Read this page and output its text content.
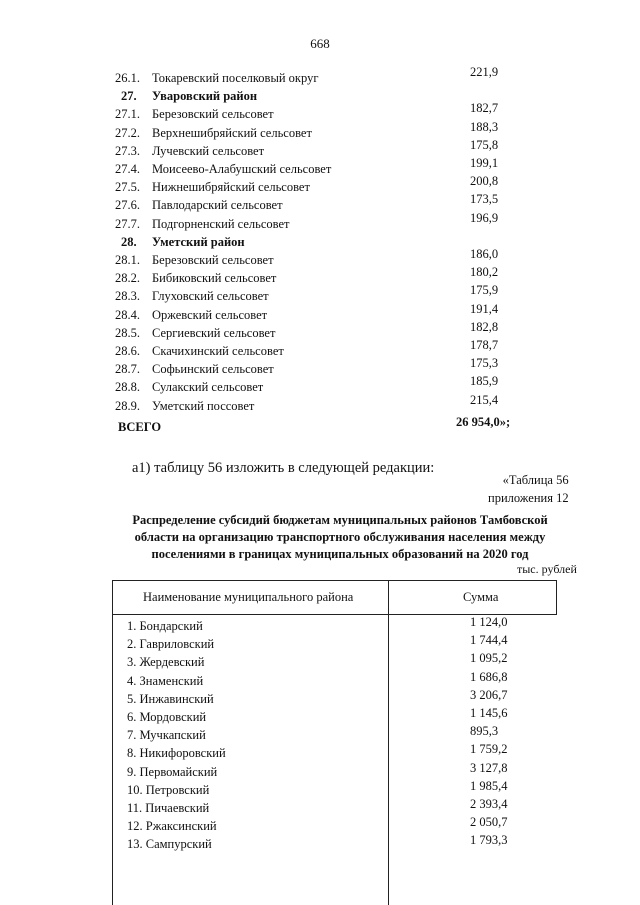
668
26.1. Токаревский поселковый округ	221,9
27. Уваровский район
27.1. Березовский сельсовет	182,7
27.2. Верхнешибряйский сельсовет	188,3
27.3. Лучевский сельсовет	175,8
27.4. Моисеево-Алабушский сельсовет	199,1
27.5. Нижнешибряйский сельсовет	200,8
27.6. Павлодарский сельсовет	173,5
27.7. Подгорненский сельсовет	196,9
28. Уметский район
28.1. Березовский сельсовет	186,0
28.2. Бибиковский сельсовет	180,2
28.3. Глуховский сельсовет	175,9
28.4. Оржевский сельсовет	191,4
28.5. Сергиевский сельсовет	182,8
28.6. Скачихинский сельсовет	178,7
28.7. Софьинский сельсовет	175,3
28.8. Сулакский сельсовет	185,9
28.9. Уметский поссовет	215,4
ВСЕГО	26 954,0»;
а1) таблицу 56 изложить в следующей редакции:
«Таблица 56
приложения 12
Распределение субсидий бюджетам муниципальных районов Тамбовской области на организацию транспортного обслуживания населения между поселениями в границах муниципальных образований на 2020 год
тыс. рублей
Наименование муниципального района	Сумма
1. Бондарский	1 124,0
2. Гавриловский	1 744,4
3. Жердевский	1 095,2
4. Знаменский	1 686,8
5. Инжавинский	3 206,7
6. Мордовский	1 145,6
7. Мучкапский	895,3
8. Никифоровский	1 759,2
9. Первомайский	3 127,8
10. Петровский	1 985,4
11. Пичаевский	2 393,4
12. Ржаксинский	2 050,7
13. Сампурский	1 793,3
